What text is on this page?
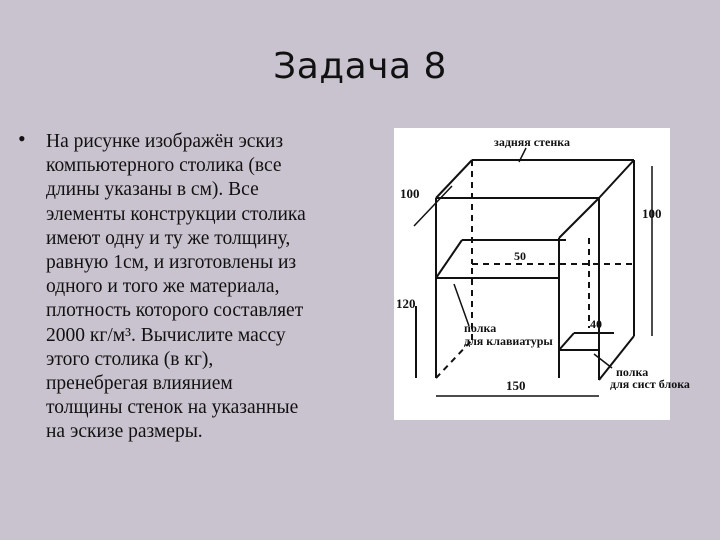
Задача 8
• На рисунке изображён эскиз
компьютерного столика (все
длины указаны в см). Все
элементы конструкции столика
имеют одну и ту же толщину,
равную 1см, и изготовлены из
одного и того же материала,
плотность которого составляет
2000 кг/м³. Вычислите массу
этого столика (в кг),
пренебрегая влиянием
толщины стенок на указанные
на эскизе размеры.
задняя стенка
100
100
50
120
40
150
полка
для клавиатуры
полка
для сист блока
